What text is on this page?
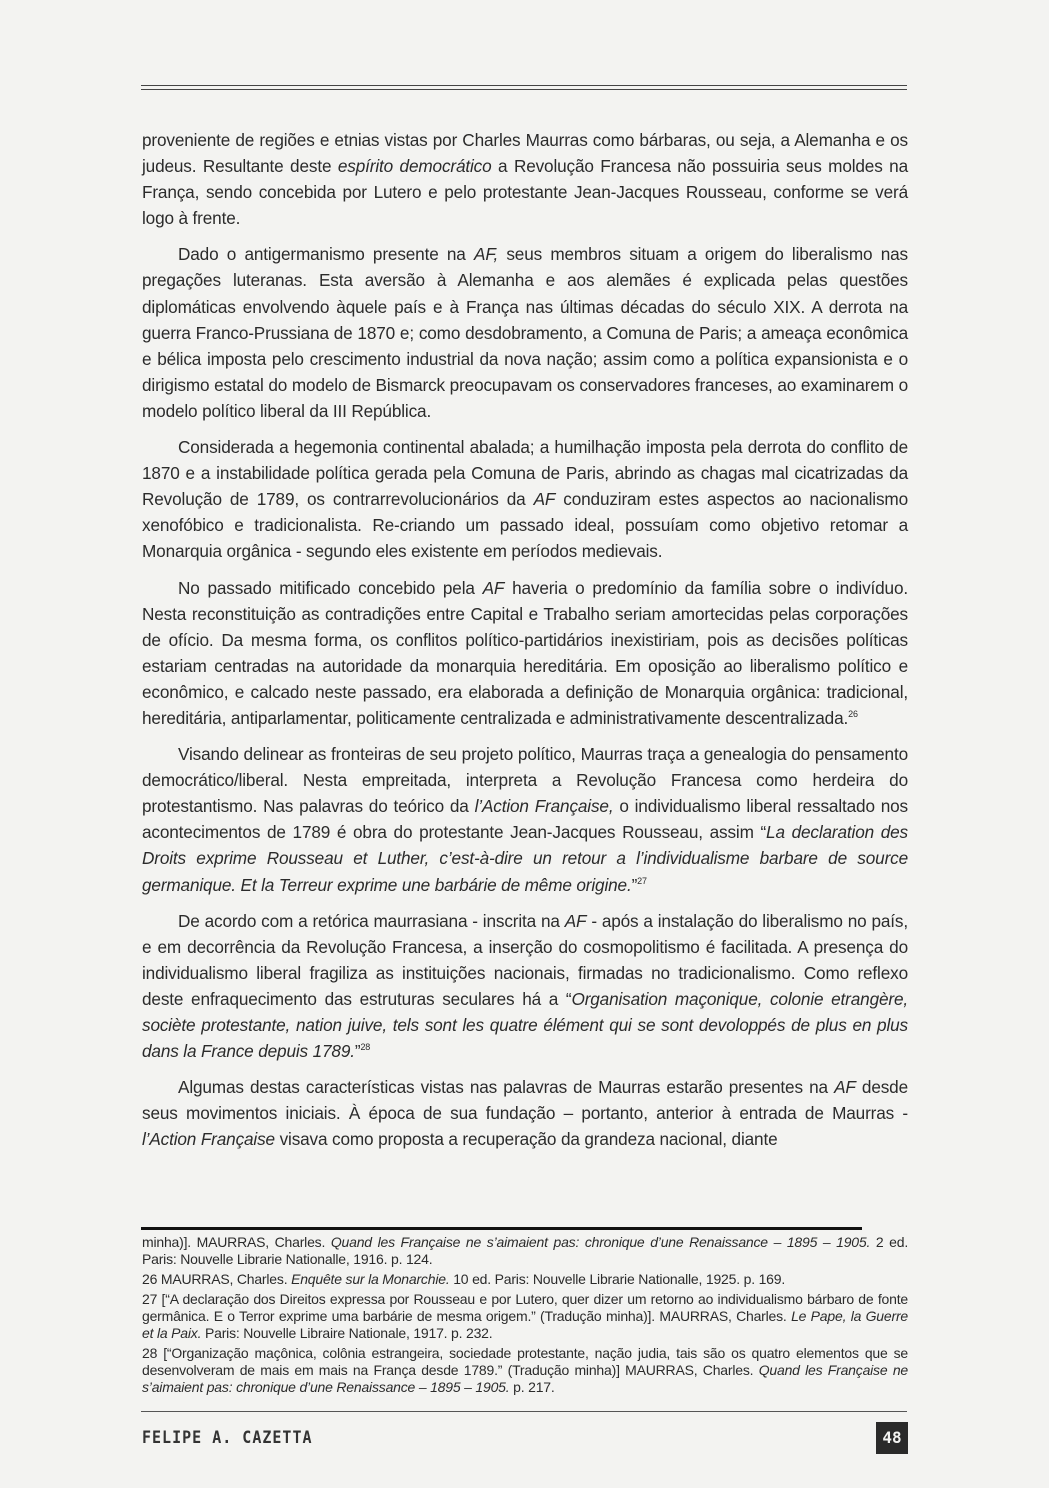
proveniente de regiões e etnias vistas por Charles Maurras como bárbaras, ou seja, a Alemanha e os judeus. Resultante deste espírito democrático a Revolução Francesa não possuiria seus moldes na França, sendo concebida por Lutero e pelo protestante Jean-Jacques Rousseau, conforme se verá logo à frente.

Dado o antigermanismo presente na AF, seus membros situam a origem do liberalismo nas pregações luteranas. Esta aversão à Alemanha e aos alemães é explicada pelas questões diplomáticas envolvendo àquele país e à França nas últimas décadas do século XIX. A derrota na guerra Franco-Prussiana de 1870 e; como desdobramento, a Comuna de Paris; a ameaça econômica e bélica imposta pelo crescimento industrial da nova nação; assim como a política expansionista e o dirigismo estatal do modelo de Bismarck preocupavam os conservadores franceses, ao examinarem o modelo político liberal da III República.

Considerada a hegemonia continental abalada; a humilhação imposta pela derrota do conflito de 1870 e a instabilidade política gerada pela Comuna de Paris, abrindo as chagas mal cicatrizadas da Revolução de 1789, os contrarrevolucionários da AF conduziram estes aspectos ao nacionalismo xenofóbico e tradicionalista. Re-criando um passado ideal, possuíam como objetivo retomar a Monarquia orgânica - segundo eles existente em períodos medievais.

No passado mitificado concebido pela AF haveria o predomínio da família sobre o indivíduo. Nesta reconstituição as contradições entre Capital e Trabalho seriam amortecidas pelas corporações de ofício. Da mesma forma, os conflitos político-partidários inexistiriam, pois as decisões políticas estariam centradas na autoridade da monarquia hereditária. Em oposição ao liberalismo político e econômico, e calcado neste passado, era elaborada a definição de Monarquia orgânica: tradicional, hereditária, antiparlamentar, politicamente centralizada e administrativamente descentralizada.$^{26}$

Visando delinear as fronteiras de seu projeto político, Maurras traça a genealogia do pensamento democrático/liberal. Nesta empreitada, interpreta a Revolução Francesa como herdeira do protestantismo. Nas palavras do teórico da l’Action Française, o individualismo liberal ressaltado nos acontecimentos de 1789 é obra do protestante Jean-Jacques Rousseau, assim “La declaration des Droits exprime Rousseau et Luther, c’est-à-dire un retour a l’individualisme barbare de source germanique. Et la Terreur exprime une barbárie de même origine.”$^{27}$

De acordo com a retórica maurrasiana - inscrita na AF - após a instalação do liberalismo no país, e em decorrência da Revolução Francesa, a inserção do cosmopolitismo é facilitada. A presença do individualismo liberal fragiliza as instituições nacionais, firmadas no tradicionalismo. Como reflexo deste enfraquecimento das estruturas seculares há a “Organisation maçonique, colonie etrangère, sociète protestante, nation juive, tels sont les quatre élément qui se sont devoloppés de plus en plus dans la France depuis 1789.”$^{28}$

Algumas destas características vistas nas palavras de Maurras estarão presentes na AF desde seus movimentos iniciais. À época de sua fundação – portanto, anterior à entrada de Maurras - l’Action Française visava como proposta a recuperação da grandeza nacional, diante

minha)]. MAURRAS, Charles. Quand les Française ne s’aimaient pas: chronique d’une Renaissance – 1895 – 1905. 2 ed. Paris: Nouvelle Librarie Nationalle, 1916. p. 124.

26 MAURRAS, Charles. Enquête sur la Monarchie. 10 ed. Paris: Nouvelle Librarie Nationalle, 1925. p. 169.

27 [“A declaração dos Direitos expressa por Rousseau e por Lutero, quer dizer um retorno ao individualismo bárbaro de fonte germânica. E o Terror exprime uma barbárie de mesma origem.” (Tradução minha)]. MAURRAS, Charles. Le Pape, la Guerre et la Paix. Paris: Nouvelle Libraire Nationale, 1917. p. 232.

28 [“Organização maçônica, colônia estrangeira, sociedade protestante, nação judia, tais são os quatro elementos que se desenvolveram de mais em mais na França desde 1789.” (Tradução minha)] MAURRAS, Charles. Quand les Française ne s’aimaient pas: chronique d’une Renaissance – 1895 – 1905. p. 217.

FELIPE A. CAZETTA	48
